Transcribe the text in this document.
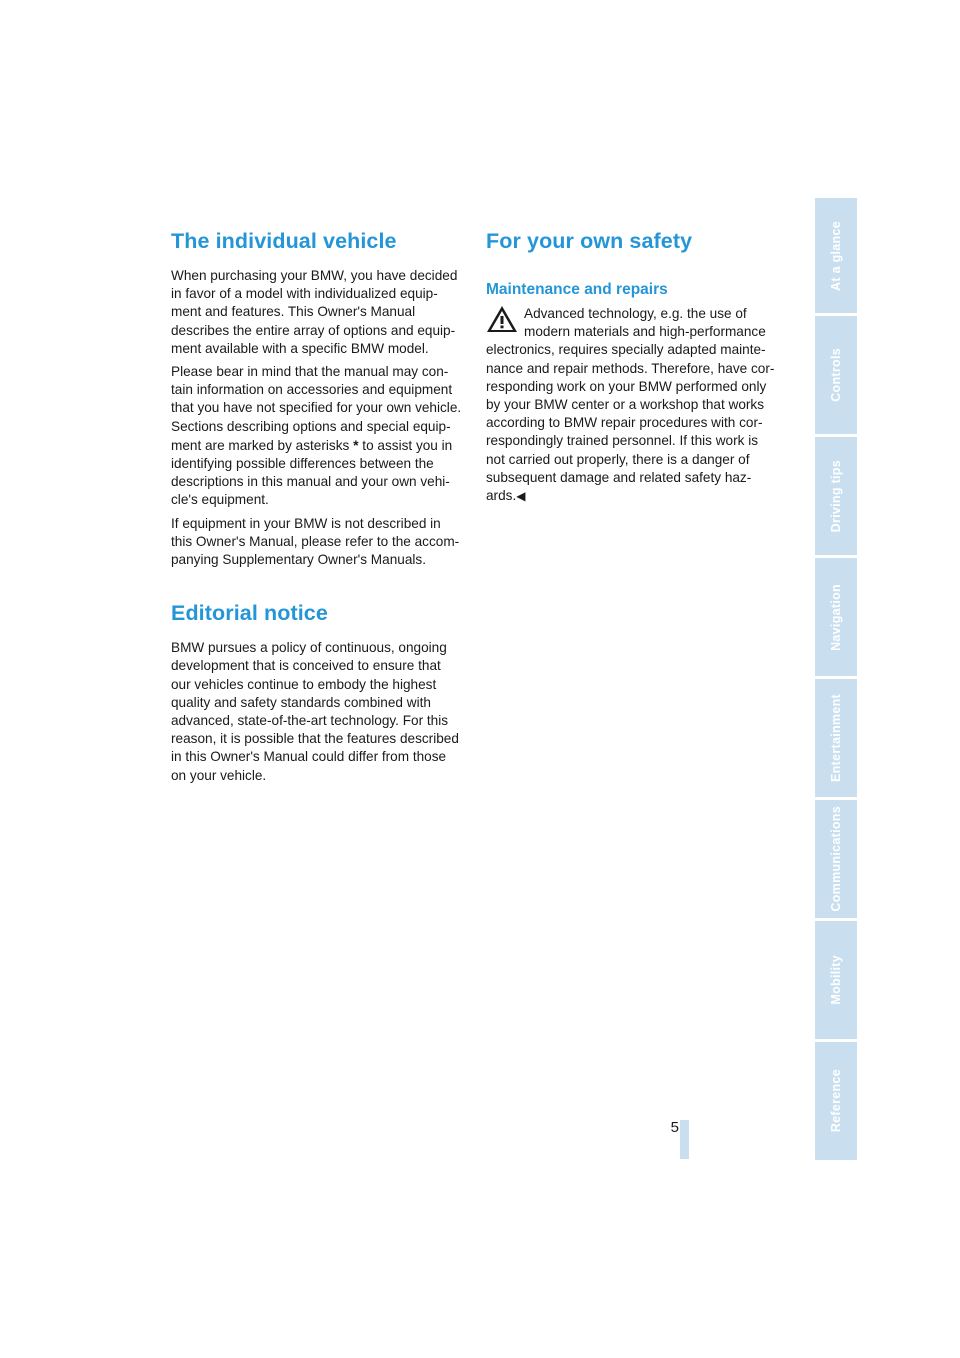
The individual vehicle

When purchasing your BMW, you have decided in favor of a model with individualized equip-ment and features. This Owner's Manual describes the entire array of options and equip-ment available with a specific BMW model.

Please bear in mind that the manual may con-tain information on accessories and equipment that you have not specified for your own vehicle. Sections describing options and special equip-ment are marked by asterisks * to assist you in identifying possible differences between the descriptions in this manual and your own vehi-cle's equipment.

If equipment in your BMW is not described in this Owner's Manual, please refer to the accom-panying Supplementary Owner's Manuals.

Editorial notice

BMW pursues a policy of continuous, ongoing development that is conceived to ensure that our vehicles continue to embody the highest quality and safety standards combined with advanced, state-of-the-art technology. For this reason, it is possible that the features described in this Owner's Manual could differ from those on your vehicle.

For your own safety
Maintenance and repairs

Advanced technology, e.g. the use of modern materials and high-performance electronics, requires specially adapted mainte-nance and repair methods. Therefore, have cor-responding work on your BMW performed only by your BMW center or a workshop that works according to BMW repair procedures with cor-respondingly trained personnel. If this work is not carried out properly, there is a danger of subsequent damage and related safety haz-ards.◀

5
At a glance
Controls
Driving tips
Navigation
Entertainment
Communications
Mobility
Reference
